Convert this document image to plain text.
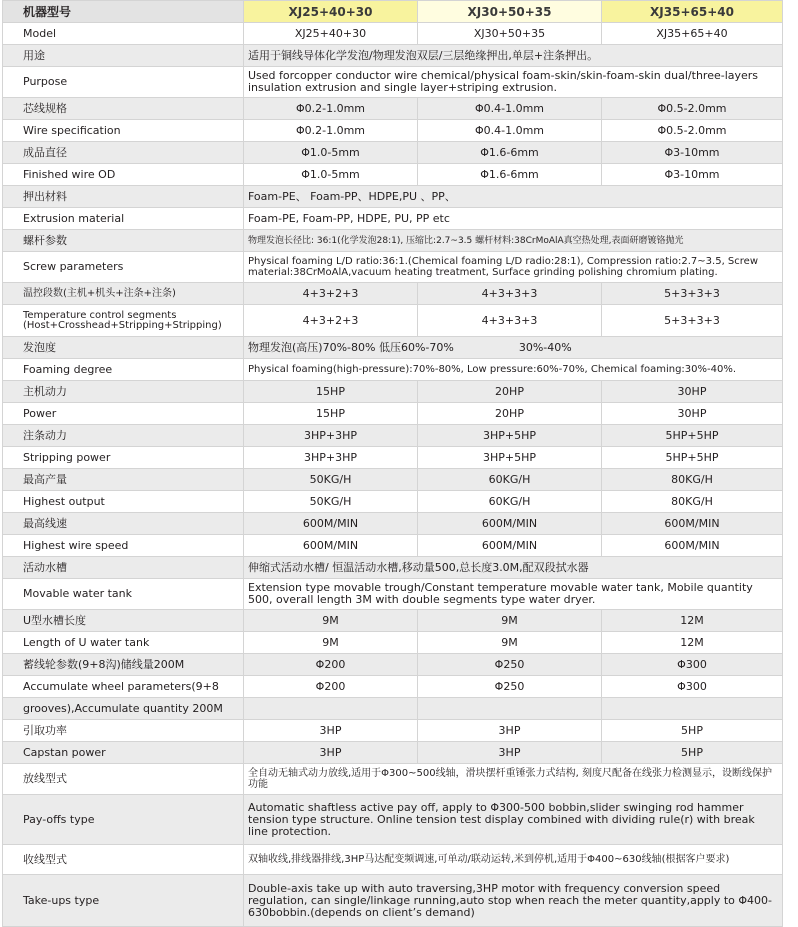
机器型号	XJ25+40+30	XJ30+50+35	XJ35+65+40
Model	XJ25+40+30	XJ30+50+35	XJ35+65+40
用途	适用于铜线导体化学发泡/物理发泡双层/三层绝缘押出,单层+注条押出。		
Purpose	Used forcopper conductor wire chemical/physical foam-skin/skin-foam-skin dual/three-layers insulation extrusion and single layer+striping extrusion.		
芯线规格	Φ0.2-1.0mm	Φ0.4-1.0mm	Φ0.5-2.0mm
Wire specification	Φ0.2-1.0mm	Φ0.4-1.0mm	Φ0.5-2.0mm
成品直径	Φ1.0-5mm	Φ1.6-6mm	Φ3-10mm
Finished wire OD	Φ1.0-5mm	Φ1.6-6mm	Φ3-10mm
押出材料	Foam-PE、 Foam-PP、HDPE,PU 、PP、		
Extrusion material	Foam-PE, Foam-PP, HDPE, PU, PP etc		
螺杆参数	物理发泡长径比: 36:1(化学发泡28:1), 压缩比:2.7~3.5 螺杆材料:38CrMoAlA真空热处理,表面研磨镀铬抛光		
Screw parameters	Physical foaming L/D ratio:36:1.(Chemical foaming L/D radio:28:1), Compression ratio:2.7~3.5, Screw material:38CrMoAlA,vacuum heating treatment, Surface grinding polishing chromium plating.		
温控段数(主机+机头+注条+注条)	4+3+2+3	4+3+3+3	5+3+3+3
Temperature control segments
(Host+Crosshead+Stripping+Stripping)	4+3+2+3	4+3+3+3	5+3+3+3
发泡度	物理发泡(高压)70%-80% 低压60%-70% 30%-40%		
Foaming degree	Physical foaming(high-pressure):70%-80%, Low pressure:60%-70%, Chemical foaming:30%-40%.		
主机动力	15HP	20HP	30HP
Power	15HP	20HP	30HP
注条动力	3HP+3HP	3HP+5HP	5HP+5HP
Stripping power	3HP+3HP	3HP+5HP	5HP+5HP
最高产量	50KG/H	60KG/H	80KG/H
Highest output	50KG/H	60KG/H	80KG/H
最高线速	600M/MIN	600M/MIN	600M/MIN
Highest wire speed	600M/MIN	600M/MIN	600M/MIN
活动水槽	伸缩式活动水槽/ 恒温活动水槽,移动量500,总长度3.0M,配双段拭水器		
Movable water tank	Extension type movable trough/Constant temperature movable water tank, Mobile quantity 500, overall length 3M with double segments type water dryer.		
U型水槽长度	9M	9M	12M
Length of U water tank	9M	9M	12M
蓄线轮参数(9+8沟)储线量200M	Φ200	Φ250	Φ300
Accumulate wheel parameters(9+8	Φ200	Φ250	Φ300
grooves),Accumulate quantity 200M			
引取功率	3HP	3HP	5HP
Capstan power	3HP	3HP	5HP
放线型式	全自动无轴式动力放线,适用于Φ300~500线轴，滑块摆杆重锤张力式结构, 刻度尺配备在线张力检测显示，设断线保护功能		
Pay-offs type	Automatic shaftless active pay off, apply to Φ300-500 bobbin,slider swinging rod hammer tension type structure. Online tension test display combined with dividing rule(r) with break line protection.		
收线型式	双轴收线,排线器排线,3HP马达配变频调速,可单动/联动运转,米到停机,适用于Φ400~630线轴(根据客户要求)		
Take-ups type	Double-axis take up with auto traversing,3HP motor with frequency conversion speed regulation, can single/linkage running,auto stop when reach the meter quantity,apply to Φ400-630bobbin.(depends on client’s demand)		
